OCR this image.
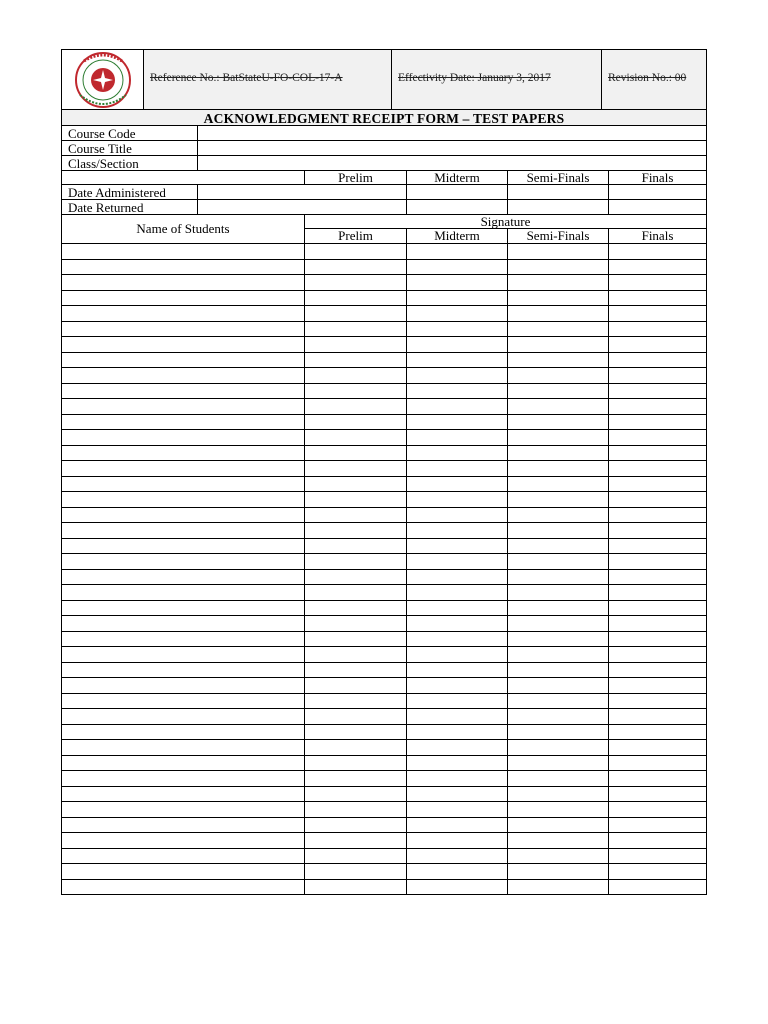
Reference No.: BatStateU-FO-COL-17-A	Effectivity Date: January 3, 2017	Revision No.: 00
ACKNOWLEDGMENT RECEIPT FORM – TEST PAPERS
Course Code
Course Title
Class/Section
Prelim	Midterm	Semi-Finals	Finals
Date Administered
Date Returned
Name of Students	Signature
Prelim	Midterm	Semi-Finals	Finals
